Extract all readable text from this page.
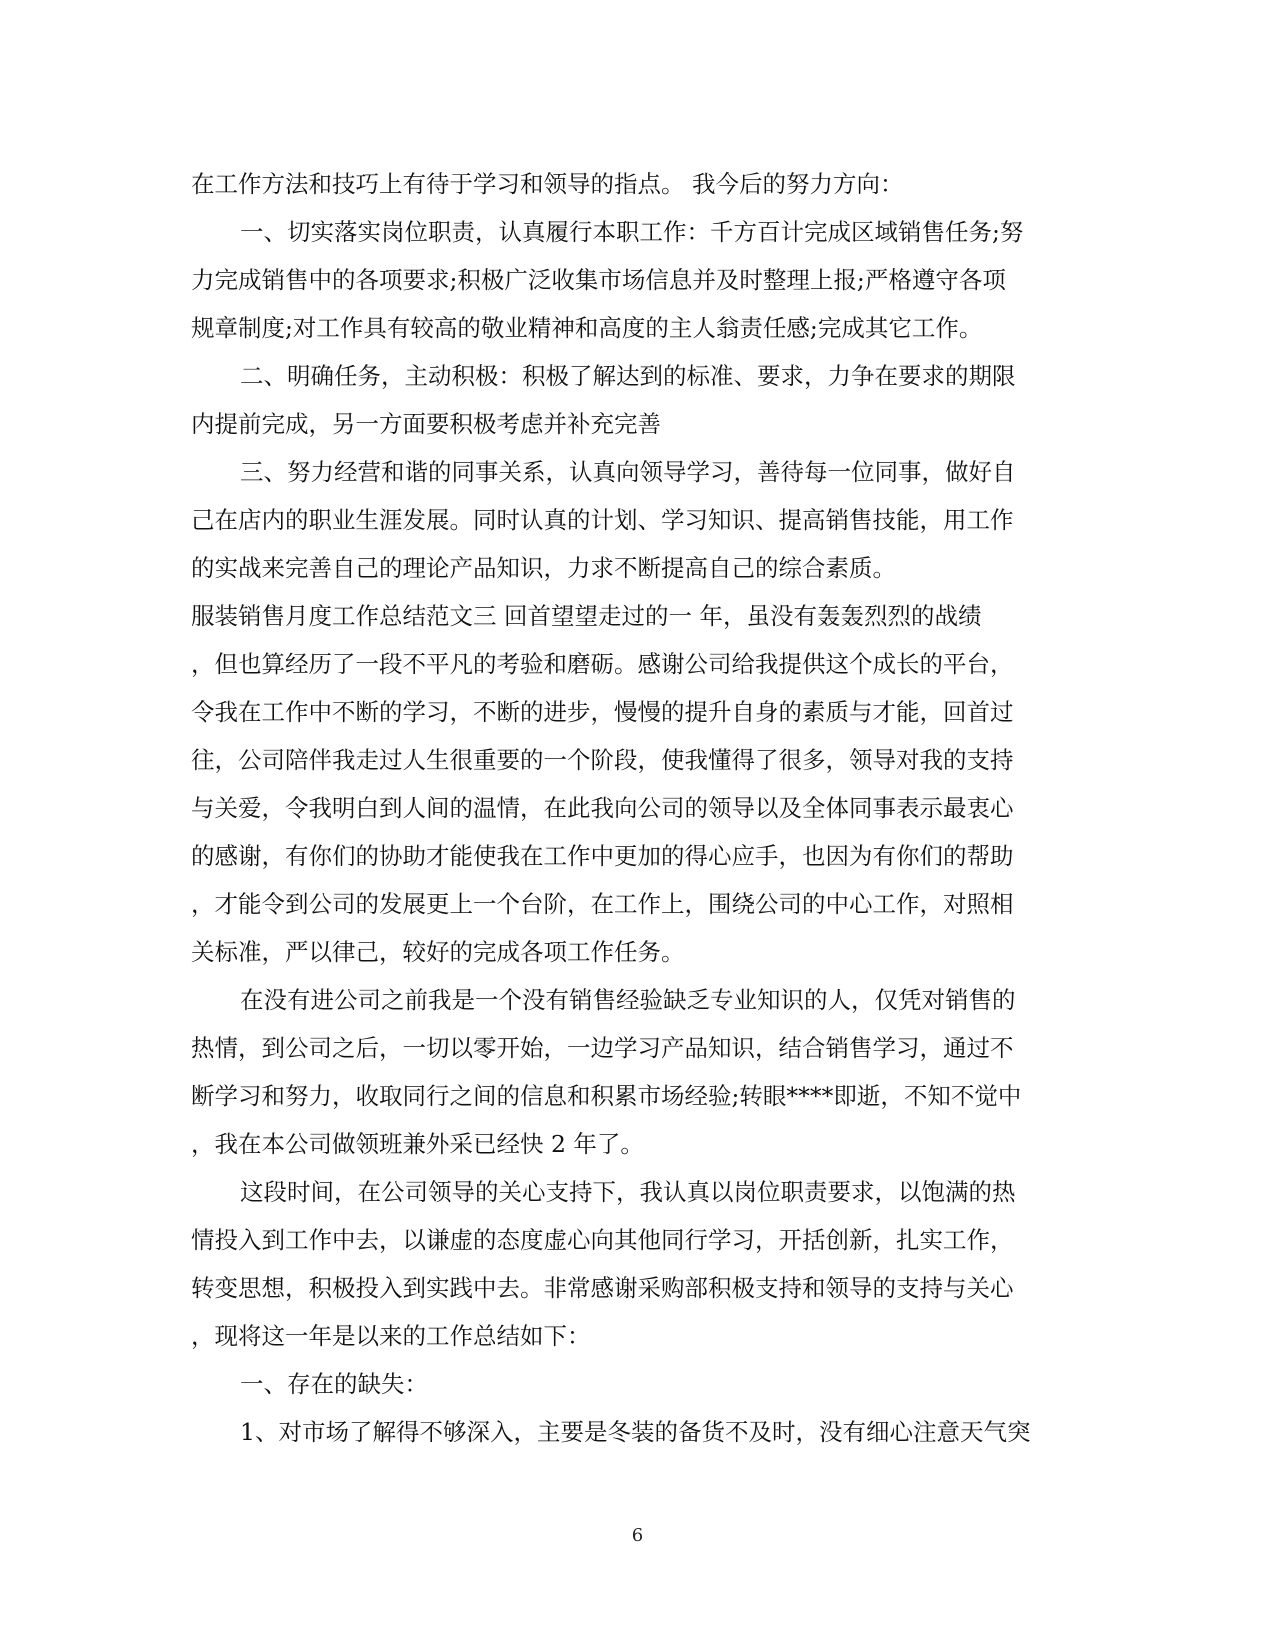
在工作方法和技巧上有待于学习和领导的指点。 我今后的努力方向：
一、切实落实岗位职责，认真履行本职工作：千方百计完成区域销售任务;努
力完成销售中的各项要求;积极广泛收集市场信息并及时整理上报;严格遵守各项
规章制度;对工作具有较高的敬业精神和高度的主人翁责任感;完成其它工作。
二、明确任务，主动积极：积极了解达到的标准、要求，力争在要求的期限
内提前完成，另一方面要积极考虑并补充完善
三、努力经营和谐的同事关系，认真向领导学习，善待每一位同事，做好自
己在店内的职业生涯发展。同时认真的计划、学习知识、提高销售技能，用工作
的实战来完善自己的理论产品知识，力求不断提高自己的综合素质。
服装销售月度工作总结范文三 回首望望走过的一 年，虽没有轰轰烈烈的战绩
，但也算经历了一段不平凡的考验和磨砺。感谢公司给我提供这个成长的平台，
令我在工作中不断的学习，不断的进步，慢慢的提升自身的素质与才能，回首过
往，公司陪伴我走过人生很重要的一个阶段，使我懂得了很多，领导对我的支持
与关爱，令我明白到人间的温情，在此我向公司的领导以及全体同事表示最衷心
的感谢，有你们的协助才能使我在工作中更加的得心应手，也因为有你们的帮助
，才能令到公司的发展更上一个台阶，在工作上，围绕公司的中心工作，对照相
关标准，严以律己，较好的完成各项工作任务。
在没有进公司之前我是一个没有销售经验缺乏专业知识的人，仅凭对销售的
热情，到公司之后，一切以零开始，一边学习产品知识，结合销售学习，通过不
断学习和努力，收取同行之间的信息和积累市场经验;转眼****即逝，不知不觉中
，我在本公司做领班兼外采已经快 2 年了。
这段时间，在公司领导的关心支持下，我认真以岗位职责要求，以饱满的热
情投入到工作中去，以谦虚的态度虚心向其他同行学习，开括创新，扎实工作，
转变思想，积极投入到实践中去。非常感谢采购部积极支持和领导的支持与关心
，现将这一年是以来的工作总结如下：
一、存在的缺失：
1、对市场了解得不够深入，主要是冬装的备货不及时，没有细心注意天气突
6
